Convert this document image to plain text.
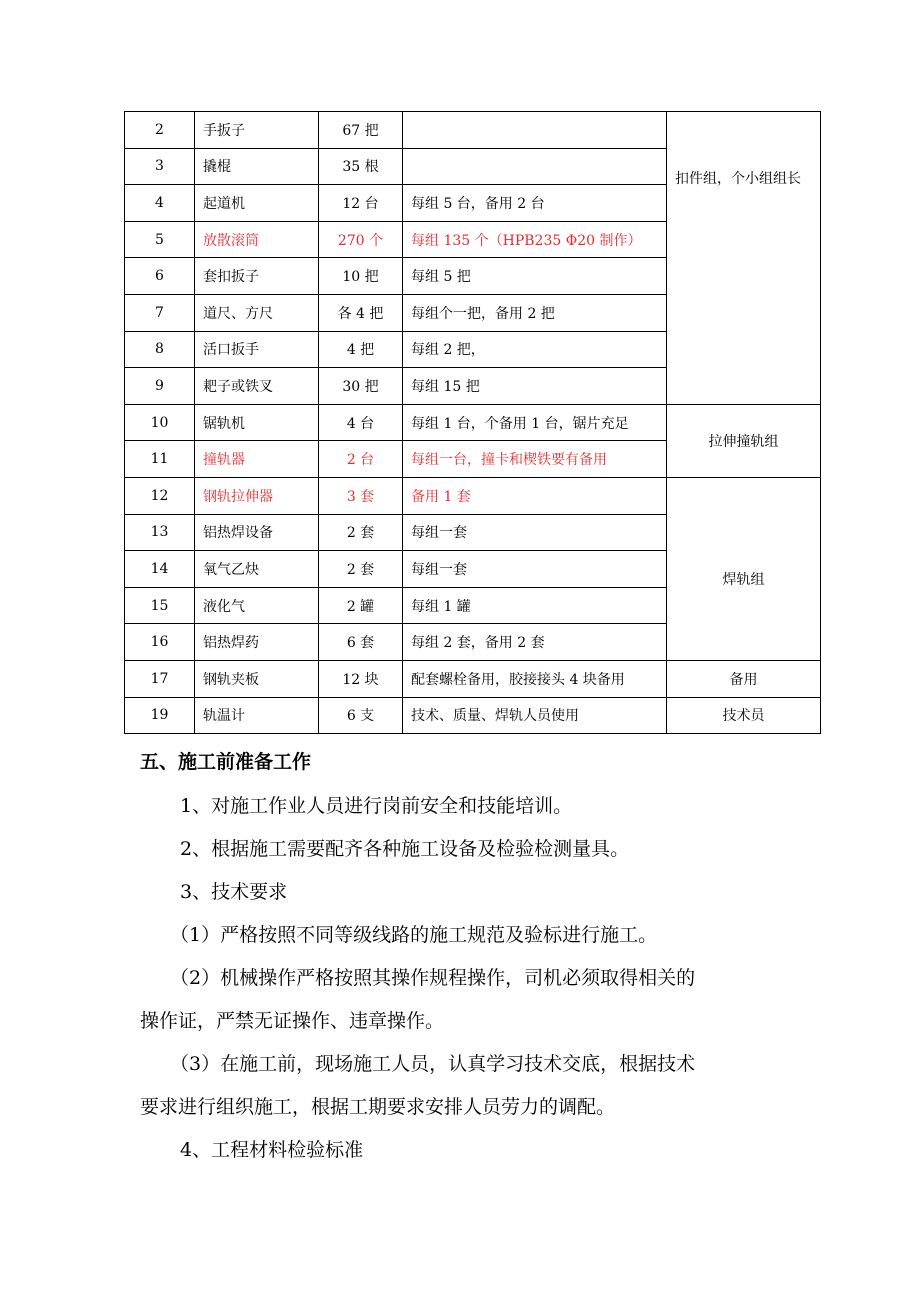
2	手扳子	67 把		扣件组，个小组组长
3	撬棍	35 根		
4	起道机	12 台	每组 5 台，备用 2 台	
5	放散滚筒	270 个	每组 135 个（HPB235 Φ20 制作）	
6	套扣扳子	10 把	每组 5 把	
7	道尺、方尺	各 4 把	每组个一把，备用 2 把	
8	活口扳手	4 把	每组 2 把，	
9	耙子或铁叉	30 把	每组 15 把	
10	锯轨机	4 台	每组 1 台，个备用 1 台，锯片充足	拉伸撞轨组
11	撞轨器	2 台	每组一台，撞卡和楔铁要有备用	
12	钢轨拉伸器	3 套	备用 1 套	焊轨组
13	铝热焊设备	2 套	每组一套	
14	氧气乙炔	2 套	每组一套	
15	液化气	2 罐	每组 1 罐	
16	铝热焊药	6 套	每组 2 套，备用 2 套	
17	钢轨夹板	12 块	配套螺栓备用，胶接接头 4 块备用	备用
19	轨温计	6 支	技术、质量、焊轨人员使用	技术员
五、施工前准备工作
1、对施工作业人员进行岗前安全和技能培训。
2、根据施工需要配齐各种施工设备及检验检测量具。
3、技术要求
（1）严格按照不同等级线路的施工规范及验标进行施工。
（2）机械操作严格按照其操作规程操作，司机必须取得相关的
操作证，严禁无证操作、违章操作。
（3）在施工前，现场施工人员，认真学习技术交底，根据技术
要求进行组织施工，根据工期要求安排人员劳力的调配。
4、工程材料检验标准
